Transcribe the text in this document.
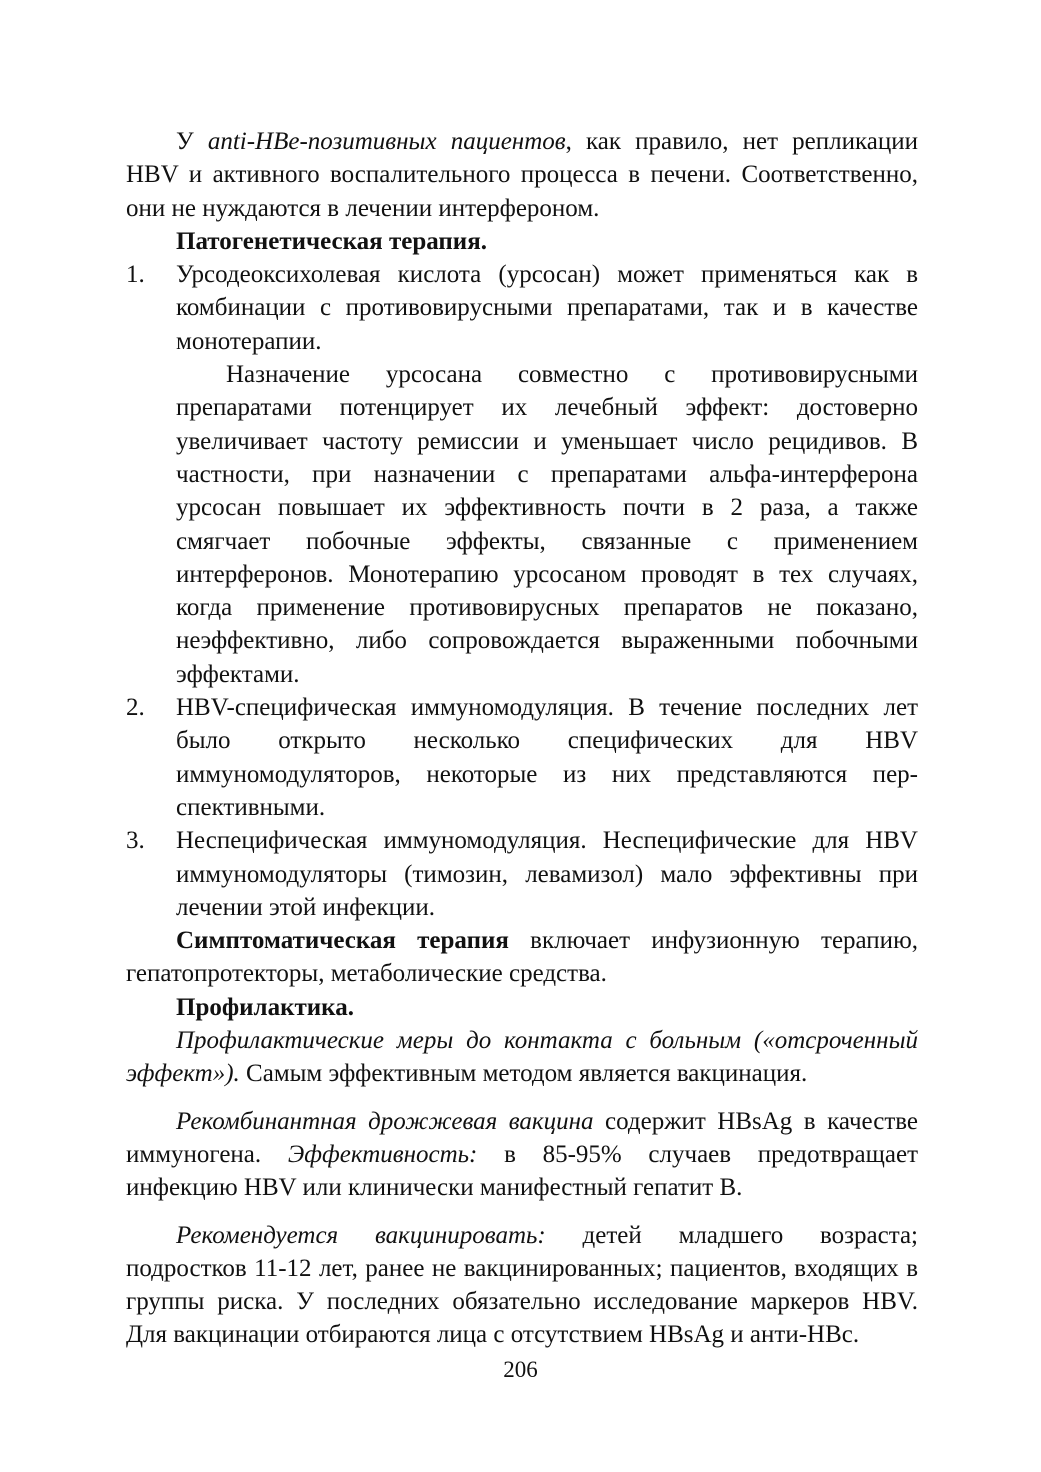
У anti-HBe-позитивных пациентов, как правило, нет репликации HBV и активного воспалительного процесса в печени. Соответственно, они не нуждаются в лечении интерфероном.

Патогенетическая терапия.

1. Урсодеоксихолевая кислота (урсосан) может применяться как в комбинации с противовирусными препаратами, так и в качестве монотерапии.

Назначение урсосана совместно с противовирусными препаратами потенцирует их лечебный эффект: достоверно увеличивает частоту ремиссии и уменьшает число рецидивов. В частности, при назначении с препаратами альфа-интерферона урсосан повышает их эффективность почти в 2 раза, а также смягчает побочные эффекты, связанные с применением интерферонов. Монотерапию урсосаном проводят в тех случаях, когда применение противовирусных препаратов не показано, неэффективно, либо сопровождается выраженными побочными эффектами.

2. HBV-специфическая иммуномодуляция. В течение последних лет было открыто несколько специфических для HBV иммуномодуляторов, некоторые из них представляются перспективными.

3. Неспецифическая иммуномодуляция. Неспецифические для HBV иммуномодуляторы (тимозин, левамизол) мало эффективны при лечении этой инфекции.

Симптоматическая терапия включает инфузионную терапию, гепатопротекторы, метаболические средства.

Профилактика.

Профилактические меры до контакта с больным («отсроченный эффект»). Самым эффективным методом является вакцинация.

Рекомбинантная дрожжевая вакцина содержит HBsAg в качестве иммуногена. Эффективность: в 85-95% случаев предотвращает инфекцию HBV или клинически манифестный гепатит B.

Рекомендуется вакцинировать: детей младшего возраста; подростков 11-12 лет, ранее не вакцинированных; пациентов, входящих в группы риска. У последних обязательно исследование маркеров HBV. Для вакцинации отбираются лица с отсутствием HBsAg и анти-HBc.

206
